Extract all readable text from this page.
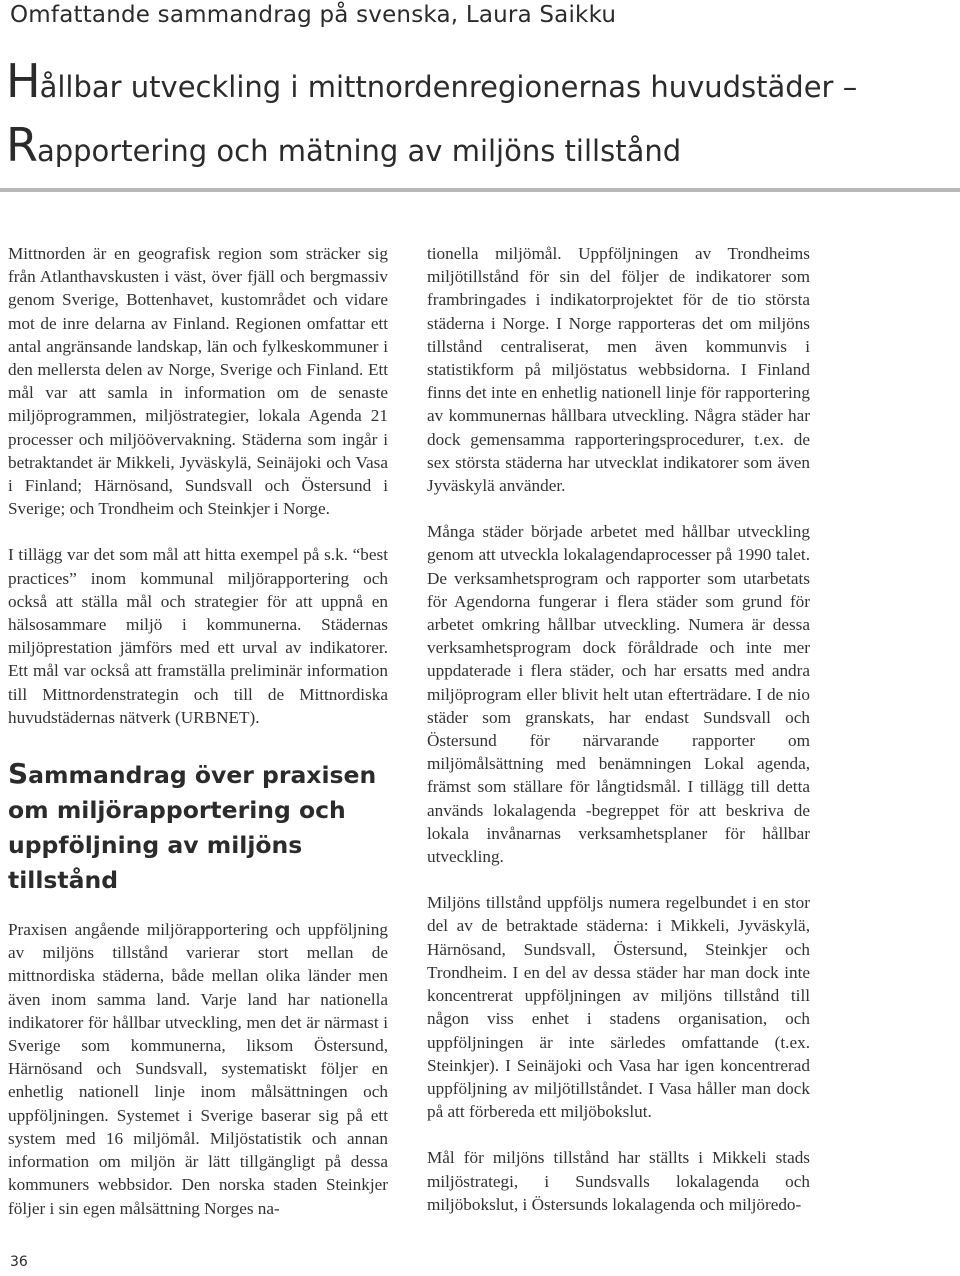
Omfattande sammandrag på svenska, Laura Saikku
Hållbar utveckling i mittnordenregionernas huvudstäder –
Rapportering och mätning av miljöns tillstånd

Mittnorden är en geografisk region som sträcker sig från Atlanthavskusten i väst, över fjäll och bergmassiv genom Sverige, Bottenhavet, kustområdet och vidare mot de inre delarna av Finland. Regionen omfattar ett antal angränsande landskap, län och fylkeskommuner i den mellersta delen av Norge, Sverige och Finland. Ett mål var att samla in information om de senaste miljöprogrammen, miljöstrategier, lokala Agenda 21 processer och miljöövervakning. Städerna som ingår i betraktandet är Mikkeli, Jyväskylä, Seinäjoki och Vasa i Finland; Härnösand, Sundsvall och Östersund i Sverige; och Trondheim och Steinkjer i Norge.

I tillägg var det som mål att hitta exempel på s.k. “best practices” inom kommunal miljörapportering och också att ställa mål och strategier för att uppnå en hälsosammare miljö i kommunerna. Städernas miljöprestation jämförs med ett urval av indikatorer. Ett mål var också att framställa preliminär information till Mittnordenstrategin och till de Mittnordiska huvudstädernas nätverk (URBNET).

Sammandrag över praxisen
om miljörapportering och
uppföljning av miljöns tillstånd

Praxisen angående miljörapportering och uppföljning av miljöns tillstånd varierar stort mellan de mittnordiska städerna, både mellan olika länder men även inom samma land. Varje land har nationella indikatorer för hållbar utveckling, men det är närmast i Sverige som kommunerna, liksom Östersund, Härnösand och Sundsvall, systematiskt följer en enhetlig nationell linje inom målsättningen och uppföljningen. Systemet i Sverige baserar sig på ett system med 16 miljömål. Miljöstatistik och annan information om miljön är lätt tillgängligt på dessa kommuners webbsidor. Den norska staden Steinkjer följer i sin egen målsättning Norges na-

tionella miljömål. Uppföljningen av Trondheims miljötillstånd för sin del följer de indikatorer som frambringades i indikatorprojektet för de tio största städerna i Norge. I Norge rapporteras det om miljöns tillstånd centraliserat, men även kommunvis i statistikform på miljöstatus webbsidorna. I Finland finns det inte en enhetlig nationell linje för rapportering av kommunernas hållbara utveckling. Några städer har dock gemensamma rapporteringsprocedurer, t.ex. de sex största städerna har utvecklat indikatorer som även Jyväskylä använder.

Många städer började arbetet med hållbar utveckling genom att utveckla lokalagendaprocesser på 1990 talet. De verksamhetsprogram och rapporter som utarbetats för Agendorna fungerar i flera städer som grund för arbetet omkring hållbar utveckling. Numera är dessa verksamhetsprogram dock föråldrade och inte mer uppdaterade i flera städer, och har ersatts med andra miljöprogram eller blivit helt utan efterträdare. I de nio städer som granskats, har endast Sundsvall och Östersund för närvarande rapporter om miljömålsättning med benämningen Lokal agenda, främst som ställare för långtidsmål. I tillägg till detta används lokalagenda -begreppet för att beskriva de lokala invånarnas verksamhetsplaner för hållbar utveckling.

Miljöns tillstånd uppföljs numera regelbundet i en stor del av de betraktade städerna: i Mikkeli, Jyväskylä, Härnösand, Sundsvall, Östersund, Steinkjer och Trondheim. I en del av dessa städer har man dock inte koncentrerat uppföljningen av miljöns tillstånd till någon viss enhet i stadens organisation, och uppföljningen är inte särledes omfattande (t.ex. Steinkjer). I Seinäjoki och Vasa har igen koncentrerad uppföljning av miljötillståndet. I Vasa håller man dock på att förbereda ett miljöbokslut.

Mål för miljöns tillstånd har ställts i Mikkeli stads miljöstrategi, i Sundsvalls lokalagenda och miljöbokslut, i Östersunds lokalagenda och miljöredo-

36
